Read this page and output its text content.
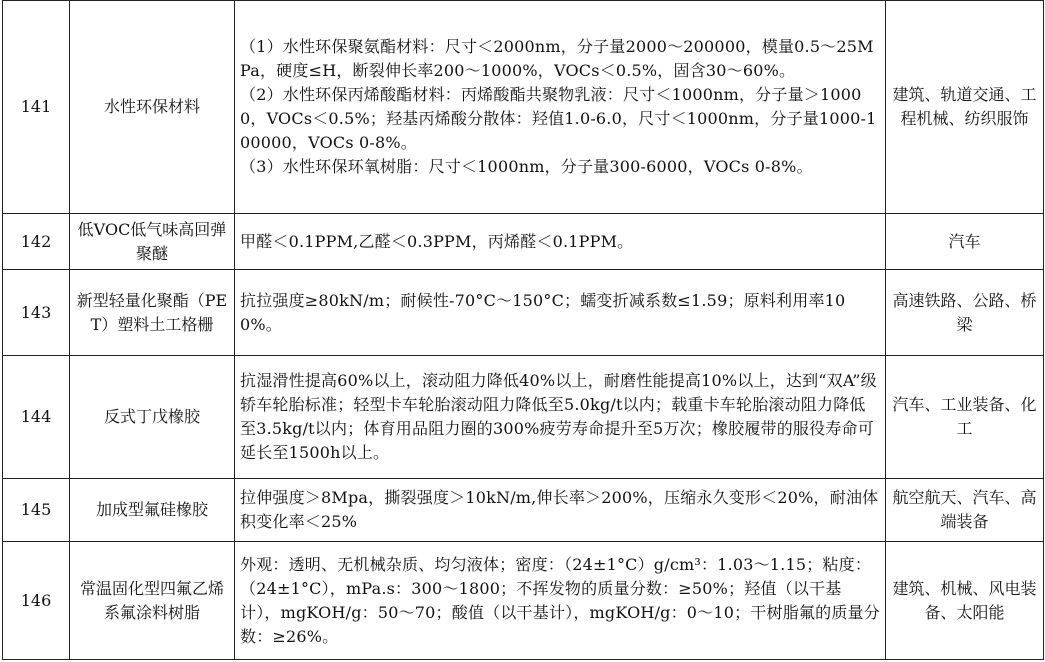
141	水性环保材料	（1）水性环保聚氨酯材料：尺寸＜2000nm，分子量2000～200000，模量0.5～25MPa，硬度≤H，断裂伸长率200～1000%，VOCs＜0.5%，固含30～60%。
（2）水性环保丙烯酸酯材料：丙烯酸酯共聚物乳液：尺寸＜1000nm，分子量＞10000，VOCs＜0.5%；羟基丙烯酸分散体：羟值1.0-6.0，尺寸＜1000nm，分子量1000-100000，VOCs 0-8%。
（3）水性环保环氧树脂：尺寸＜1000nm，分子量300-6000，VOCs 0-8%。	建筑、轨道交通、工程机械、纺织服饰
142	低VOC低气味高回弹聚醚	甲醛＜0.1PPM,乙醛＜0.3PPM，丙烯醛＜0.1PPM。	汽车
143	新型轻量化聚酯（PET）塑料土工格栅	抗拉强度≥80kN/m；耐候性-70°C～150°C；蠕变折减系数≤1.59；原料利用率100%。	高速铁路、公路、桥梁
144	反式丁戊橡胶	抗湿滑性提高60%以上，滚动阻力降低40%以上，耐磨性能提高10%以上，达到“双A”级轿车轮胎标准；轻型卡车轮胎滚动阻力降低至5.0kg/t以内；载重卡车轮胎滚动阻力降低至3.5kg/t以内；体育用品阻力圈的300%疲劳寿命提升至5万次；橡胶履带的服役寿命可延长至1500h以上。	汽车、工业装备、化工
145	加成型氟硅橡胶	拉伸强度＞8Mpa，撕裂强度＞10kN/m,伸长率＞200%，压缩永久变形＜20%，耐油体积变化率＜25%	航空航天、汽车、高端装备
146	常温固化型四氟乙烯系氟涂料树脂	外观：透明、无机械杂质、均匀液体；密度：（24±1°C）g/cm³：1.03～1.15；粘度：（24±1°C），mPa.s：300～1800；不挥发物的质量分数：≥50%；羟值（以干基计），mgKOH/g：50～70；酸值（以干基计），mgKOH/g：0～10；干树脂氟的质量分数：≥26%。	建筑、机械、风电装备、太阳能
